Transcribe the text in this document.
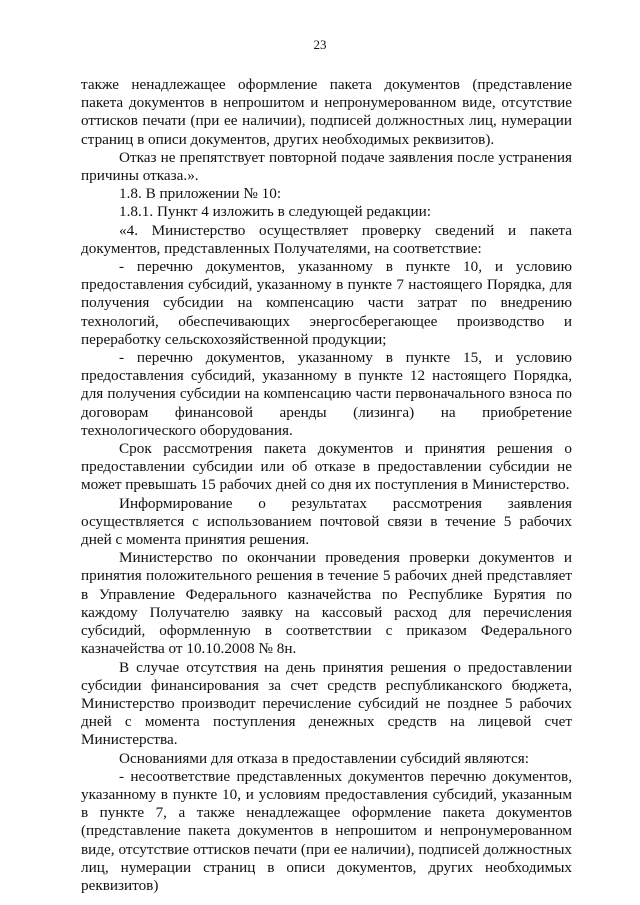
23

также ненадлежащее оформление пакета документов (представление пакета документов в непрошитом и непронумерованном виде, отсутствие оттисков печати (при ее наличии), подписей должностных лиц, нумерации страниц в описи документов, других необходимых реквизитов).

Отказ не препятствует повторной подаче заявления после устранения причины отказа.».

1.8. В приложении № 10:

1.8.1. Пункт 4 изложить в следующей редакции:

«4. Министерство осуществляет проверку сведений и пакета документов, представленных Получателями, на соответствие:

- перечню документов, указанному в пункте 10, и условию предоставления субсидий, указанному в пункте 7 настоящего Порядка, для получения субсидии на компенсацию части затрат по внедрению технологий, обеспечивающих энергосберегающее производство и переработку сельскохозяйственной продукции;

- перечню документов, указанному в пункте 15, и условию предоставления субсидий, указанному в пункте 12 настоящего Порядка, для получения субсидии на компенсацию части первоначального взноса по договорам финансовой аренды (лизинга) на приобретение технологического оборудования.

Срок рассмотрения пакета документов и принятия решения о предоставлении субсидии или об отказе в предоставлении субсидии не может превышать 15 рабочих дней со дня их поступления в Министерство.

Информирование о результатах рассмотрения заявления осуществляется с использованием почтовой связи в течение 5 рабочих дней с момента принятия решения.

Министерство по окончании проведения проверки документов и принятия положительного решения в течение 5 рабочих дней представляет в Управление Федерального казначейства по Республике Бурятия по каждому Получателю заявку на кассовый расход для перечисления субсидий, оформленную в соответствии с приказом Федерального казначейства от 10.10.2008 № 8н.

В случае отсутствия на день принятия решения о предоставлении субсидии финансирования за счет средств республиканского бюджета, Министерство производит перечисление субсидий не позднее 5 рабочих дней с момента поступления денежных средств на лицевой счет Министерства.

Основаниями для отказа в предоставлении субсидий являются:

- несоответствие представленных документов перечню документов, указанному в пункте 10, и условиям предоставления субсидий, указанным в пункте 7, а также ненадлежащее оформление пакета документов (представление пакета документов в непрошитом и непронумерованном виде, отсутствие оттисков печати (при ее наличии), подписей должностных лиц, нумерации страниц в описи документов, других необходимых реквизитов)
